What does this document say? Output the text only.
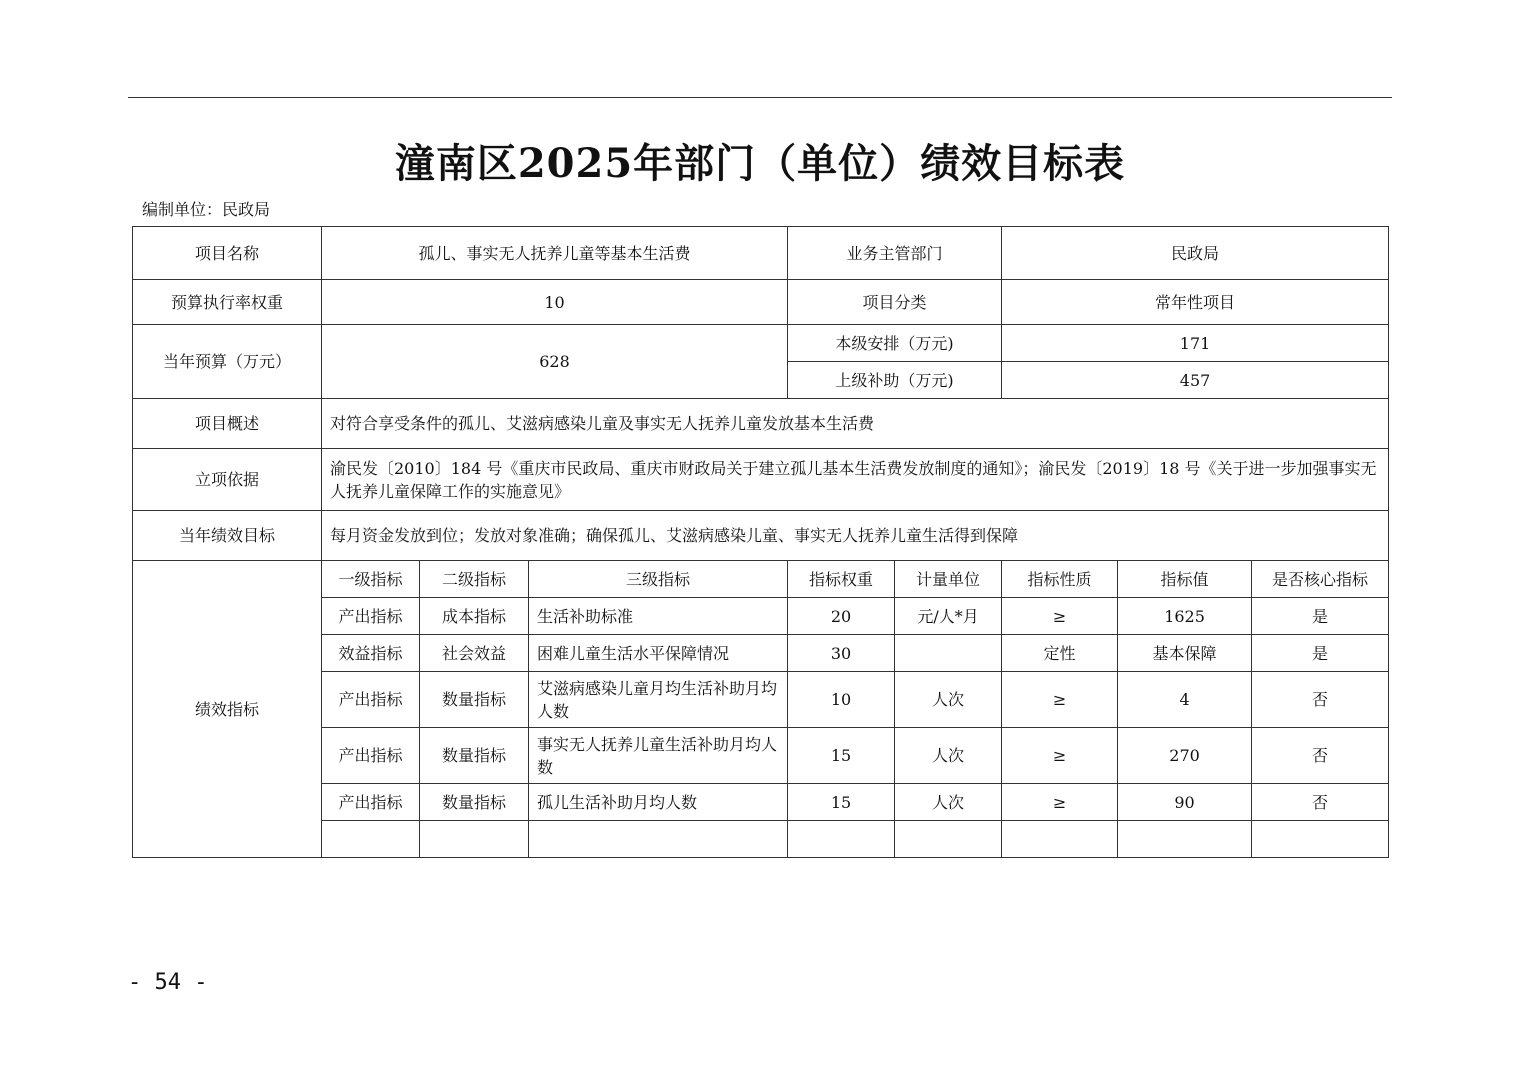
潼南区2025年部门（单位）绩效目标表
编制单位：民政局
项目名称	孤儿、事实无人抚养儿童等基本生活费			业务主管部门		民政局		
预算执行率权重	10			项目分类		常年性项目		
当年预算（万元）	628			本级安排（万元)		171		
				上级补助（万元)		457		
项目概述	对符合享受条件的孤儿、艾滋病感染儿童及事实无人抚养儿童发放基本生活费							
立项依据	渝民发〔2010〕184 号《重庆市民政局、重庆市财政局关于建立孤儿基本生活费发放制度的通知》；渝民发〔2019〕18 号《关于进一步加强事实无人抚养儿童保障工作的实施意见》							
当年绩效目标	每月资金发放到位；发放对象准确；确保孤儿、艾滋病感染儿童、事实无人抚养儿童生活得到保障							
绩效指标	一级指标	二级指标	三级指标	指标权重	计量单位	指标性质	指标值	是否核心指标
	产出指标	成本指标	生活补助标准	20	元/人*月	≥	1625	是
	效益指标	社会效益	困难儿童生活水平保障情况	30		定性	基本保障	是
	产出指标	数量指标	艾滋病感染儿童月均生活补助月均人数	10	人次	≥	4	否
	产出指标	数量指标	事实无人抚养儿童生活补助月均人数	15	人次	≥	270	否
	产出指标	数量指标	孤儿生活补助月均人数	15	人次	≥	90	否

- 54 -
